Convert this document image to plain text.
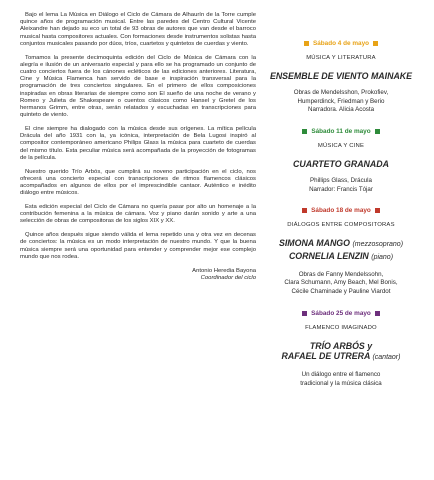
Bajo el lema La Música en Diálogo el Ciclo de Cámara de Alhaurín de la Torre cumple quince años de programación musical. Entre las paredes del Centro Cultural Vicente Aleixandre han dejado su eco un total de 93 obras de autores que van desde el barroco musical hasta compositores actuales. Con formaciones desde instrumentos solistas hasta conjuntos musicales pasando por dúos, tríos, cuartetos y quintetos de cuerdas y viento.

Tomamos la presente decimoquinta edición del Ciclo de Música de Cámara con la alegría e ilusión de un aniversario especial y para ello se ha programado un conjunto de cuatro conciertos fuera de los cánones ecléticos de las ediciones anteriores. Literatura, Cine y Música Flamenca han servido de base e inspiración transversal para la programación de tres conciertos singulares. En el primero de ellos composiciones inspiradas en obras literarias de siempre como son El sueño de una noche de verano y Romeo y Julieta de Shakespeare o cuentos clásicos como Hansel y Gretel de los hermanos Grimm, entre otras, serán relatados y escuchadas en transcripciones para quinteto de viento.

El cine siempre ha dialogado con la música desde sus orígenes. La mítica película Drácula del año 1931 con la, ya icónica, interpretación de Bela Lugosi inspiró al compositor contemporáneo americano Philips Glass la música para cuarteto de cuerdas del mismo título. Esta peculiar música será acompañada de la proyección de fotogramas de la película.

Nuestro querido Trío Arbós, que cumplirá su noveno participación en el ciclo, nos ofrecerá una concierto especial con transcripciones de ritmos flamencos clásicos acompañados en algunos de ellos por el imprescindible cantaor. Auténtico e inédito diálogo entre músicos.

Esta edición especial del Ciclo de Cámara no quería pasar por alto un homenaje a la contribución femenina a la música de cámara. Voz y piano darán sonido y arte a una selección de obras de compositoras de los siglos XIX y XX.

Quince años después sigue siendo válida el lema repetido una y otra vez en decenas de conciertos: la música es un modo interpretación de nuestro mundo. Y que la buena música siempre será una oportunidad para entender y comprender mejor ese complejo mundo que nos rodea.

Antonio Heredia Bayona
Coordinador del ciclo
Sábado 4 de mayo
MÚSICA Y LITERATURA
ENSEMBLE DE VIENTO MAINAKE
Obras de Mendelsshon, Prokofiev,
Humperdinck, Friedman y Berio
Narradora. Alicia Acosta
Sábado 11 de mayo
MÚSICA Y CINE
CUARTETO GRANADA
Phillips Glass, Drácula
Narrador: Francis Tójar
Sábado 18 de mayo
DIÁLOGOS ENTRE COMPOSITORAS
SIMONA MANGO (mezzosoprano)
CORNELIA LENZIN (piano)
Obras de Fanny Mendelssohn,
Clara Schumann, Amy Beach, Mel Bonis,
Cécile Chaminade y Pauline Viardot
Sábado 25 de mayo
FLAMENCO IMAGINADO
TRÍO ARBÓS y
RAFAEL DE UTRERA (cantaor)
Un diálogo entre el flamenco
tradicional y la música clásica
